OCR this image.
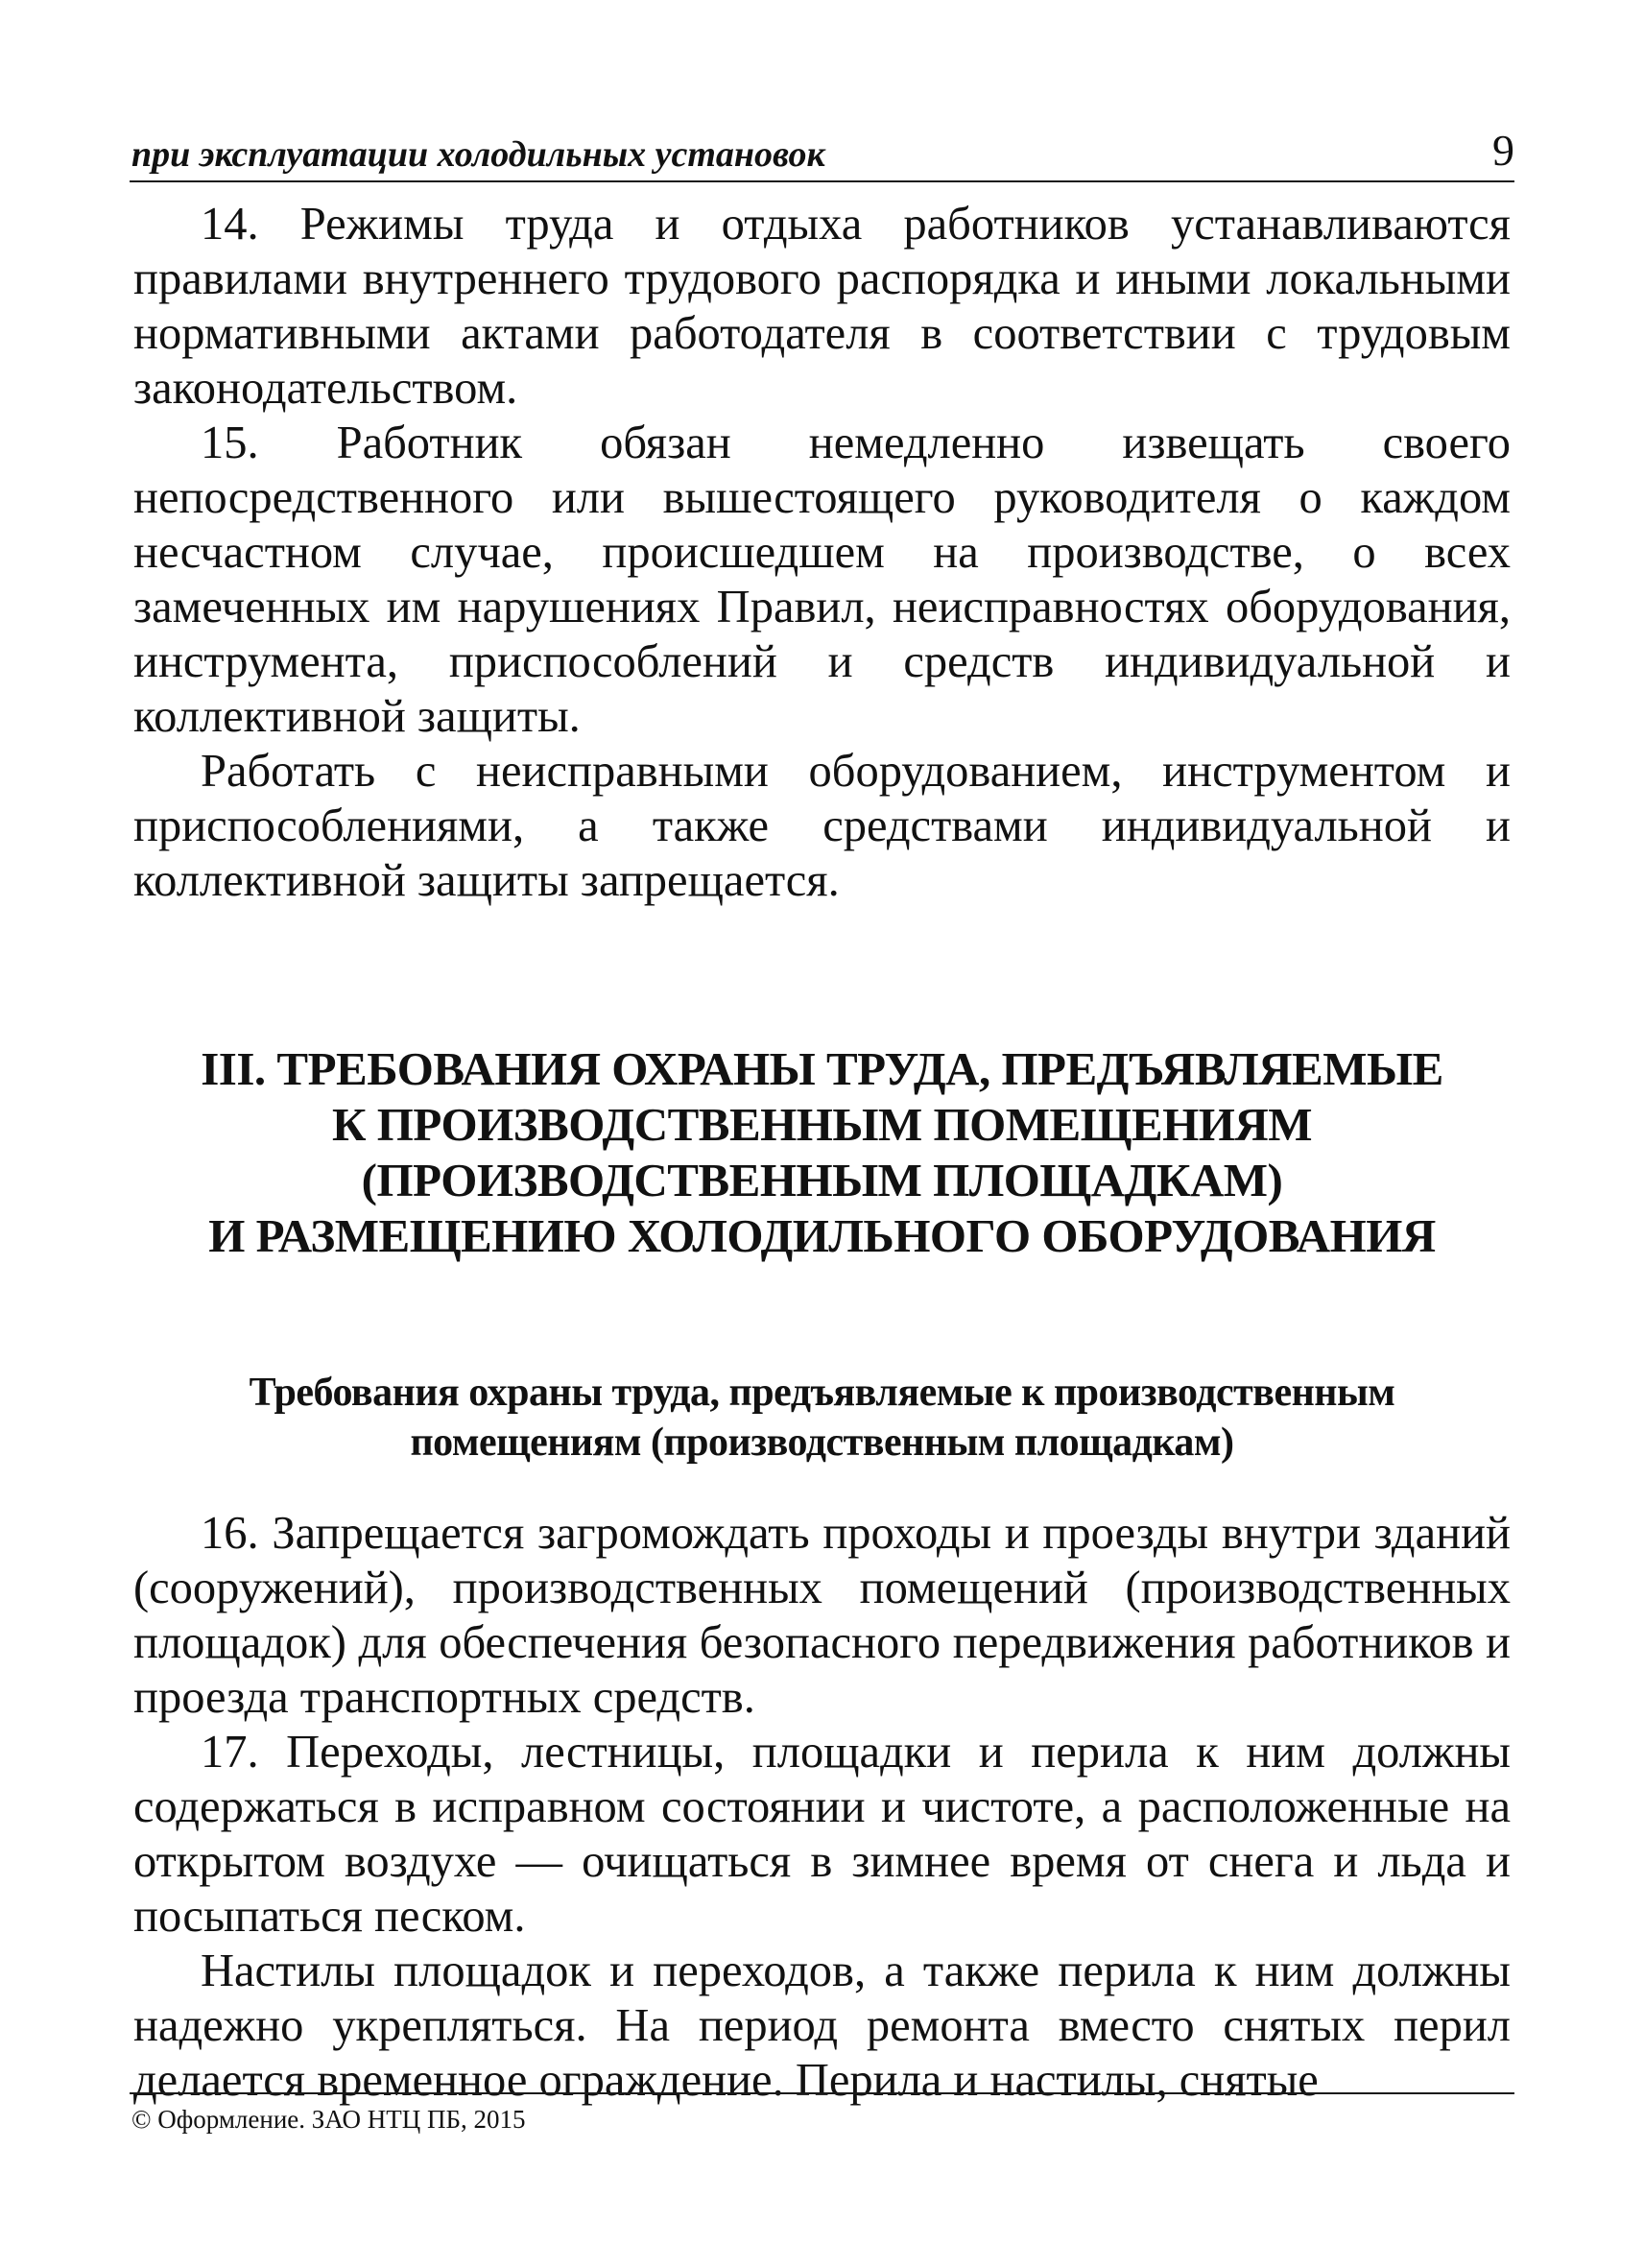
при эксплуатации холодильных установок	9

14. Режимы труда и отдыха работников устанавливаются правилами внутреннего трудового распорядка и иными локальными нормативными актами работодателя в соответствии с трудовым законодательством.

15. Работник обязан немедленно извещать своего непосредственного или вышестоящего руководителя о каждом несчастном случае, происшедшем на производстве, о всех замеченных им нарушениях Правил, неисправностях оборудования, инструмента, приспособлений и средств индивидуальной и коллективной защиты.

Работать с неисправными оборудованием, инструментом и приспособлениями, а также средствами индивидуальной и коллективной защиты запрещается.

III. ТРЕБОВАНИЯ ОХРАНЫ ТРУДА, ПРЕДЪЯВЛЯЕМЫЕ
К ПРОИЗВОДСТВЕННЫМ ПОМЕЩЕНИЯМ
(ПРОИЗВОДСТВЕННЫМ ПЛОЩАДКАМ)
И РАЗМЕЩЕНИЮ ХОЛОДИЛЬНОГО ОБОРУДОВАНИЯ
Требования охраны труда, предъявляемые к производственным
помещениям (производственным площадкам)

16. Запрещается загромождать проходы и проезды внутри зданий (сооружений), производственных помещений (производственных площадок) для обеспечения безопасного передвижения работников и проезда транспортных средств.

17. Переходы, лестницы, площадки и перила к ним должны содержаться в исправном состоянии и чистоте, а расположенные на открытом воздухе — очищаться в зимнее время от снега и льда и посыпаться песком.

Настилы площадок и переходов, а также перила к ним должны надежно укрепляться. На период ремонта вместо снятых перил делается временное ограждение. Перила и настилы, снятые

© Оформление. ЗАО НТЦ ПБ, 2015
